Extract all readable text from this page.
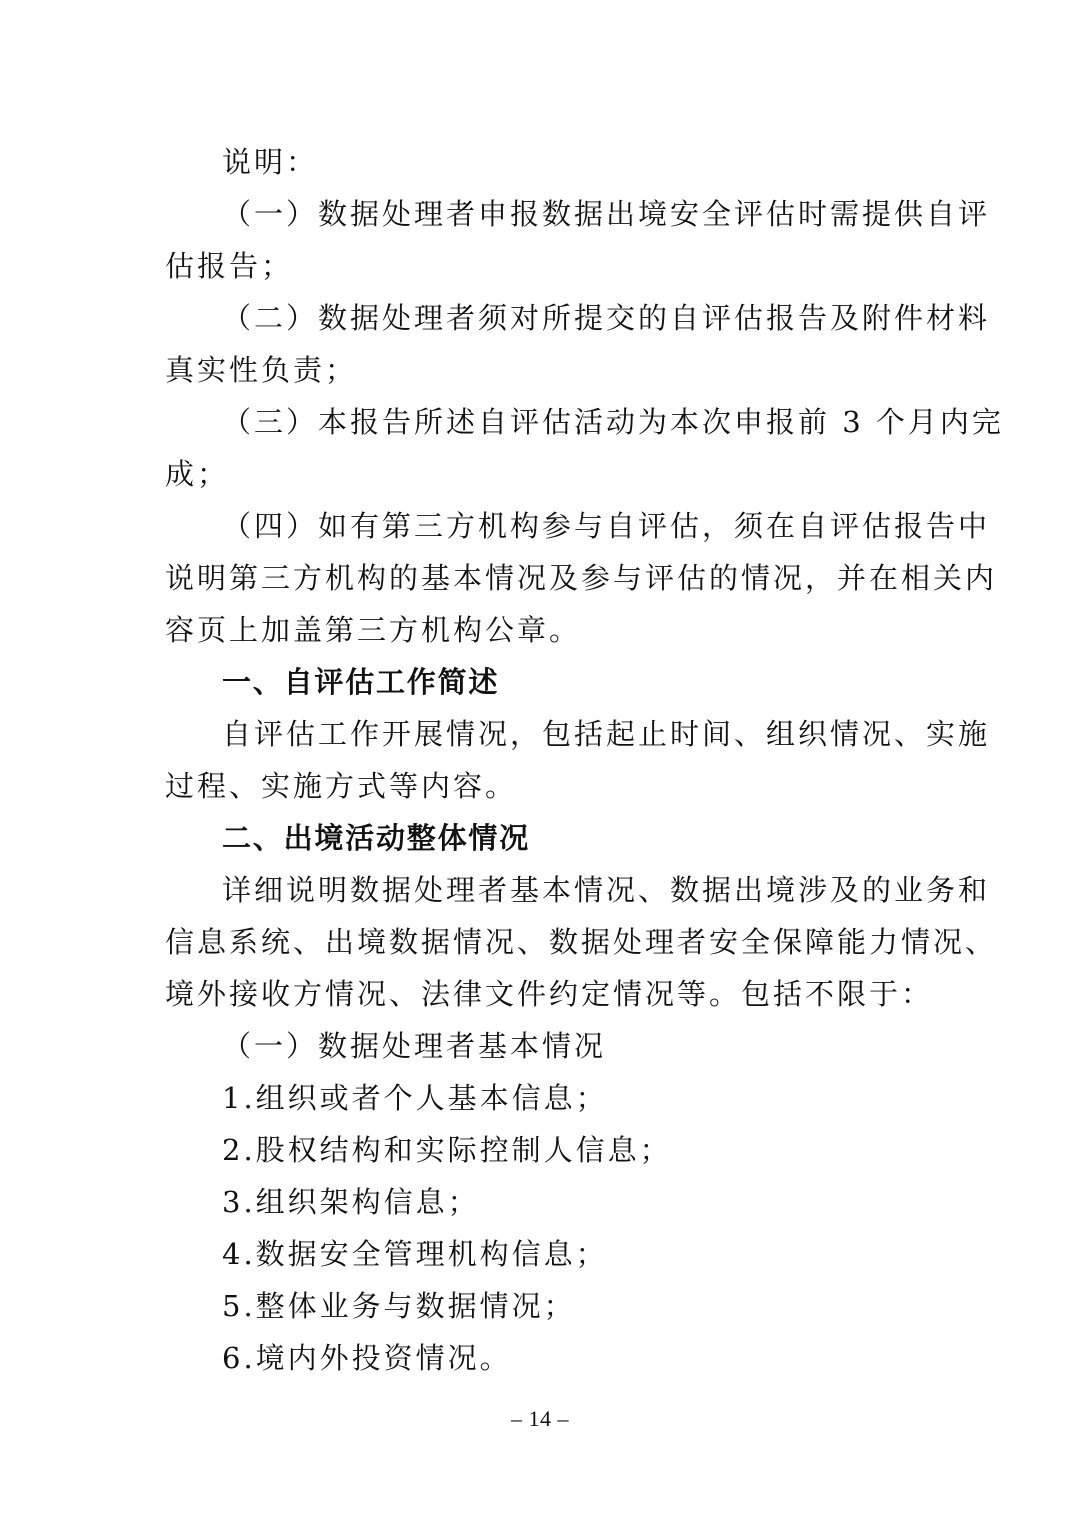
说明：
（一）数据处理者申报数据出境安全评估时需提供自评
估报告；
（二）数据处理者须对所提交的自评估报告及附件材料
真实性负责；
（三）本报告所述自评估活动为本次申报前 3 个月内完
成；
（四）如有第三方机构参与自评估，须在自评估报告中
说明第三方机构的基本情况及参与评估的情况，并在相关内
容页上加盖第三方机构公章。
一、自评估工作简述
自评估工作开展情况，包括起止时间、组织情况、实施
过程、实施方式等内容。
二、出境活动整体情况
详细说明数据处理者基本情况、数据出境涉及的业务和
信息系统、出境数据情况、数据处理者安全保障能力情况、
境外接收方情况、法律文件约定情况等。包括不限于：
（一）数据处理者基本情况
1.组织或者个人基本信息；
2.股权结构和实际控制人信息；
3.组织架构信息；
4.数据安全管理机构信息；
5.整体业务与数据情况；
6.境内外投资情况。
– 14 –
